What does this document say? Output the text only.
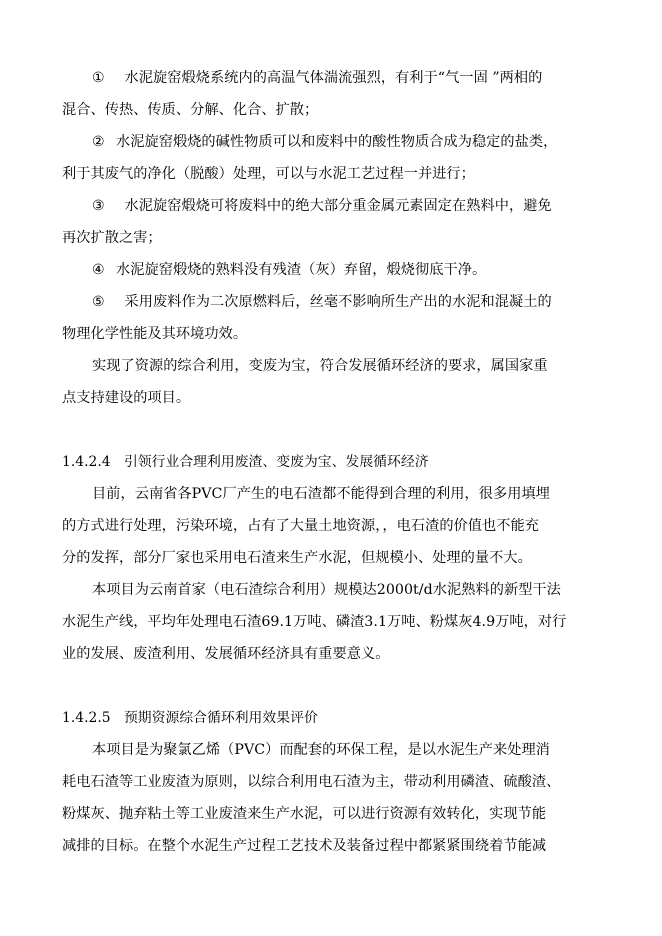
① 水泥旋窑煅烧系统内的高温气体湍流强烈，有利于“气一固 ”两相的
混合、传热、传质、分解、化合、扩散；
② 水泥旋窑煅烧的碱性物质可以和废料中的酸性物质合成为稳定的盐类，
利于其废气的净化（脱酸）处理，可以与水泥工艺过程一并进行；
③ 水泥旋窑煅烧可将废料中的绝大部分重金属元素固定在熟料中，避免
再次扩散之害；
④ 水泥旋窑煅烧的熟料没有残渣（灰）弃留，煅烧彻底干净。
⑤ 采用废料作为二次原燃料后，丝毫不影响所生产出的水泥和混凝土的
物理化学性能及其环境功效。
实现了资源的综合利用，变废为宝，符合发展循环经济的要求，属国家重
点支持建设的项目。
1.4.2.4 引领行业合理利用废渣、变废为宝、发展循环经济
目前，云南省各PVC厂产生的电石渣都不能得到合理的利用，很多用填埋
的方式进行处理，污染环境，占有了大量土地资源，，电石渣的价值也不能充
分的发挥，部分厂家也采用电石渣来生产水泥，但规模小、处理的量不大。
本项目为云南首家（电石渣综合利用）规模达2000t/d水泥熟料的新型干法
水泥生产线，平均年处理电石渣69.1万吨、磷渣3.1万吨、粉煤灰4.9万吨，对行
业的发展、废渣利用、发展循环经济具有重要意义。
1.4.2.5 预期资源综合循环利用效果评价
本项目是为聚氯乙烯（PVC）而配套的环保工程，是以水泥生产来处理消
耗电石渣等工业废渣为原则，以综合利用电石渣为主，带动利用磷渣、硫酸渣、
粉煤灰、抛弃粘土等工业废渣来生产水泥，可以进行资源有效转化，实现节能
减排的目标。在整个水泥生产过程工艺技术及装备过程中都紧紧围绕着节能减
